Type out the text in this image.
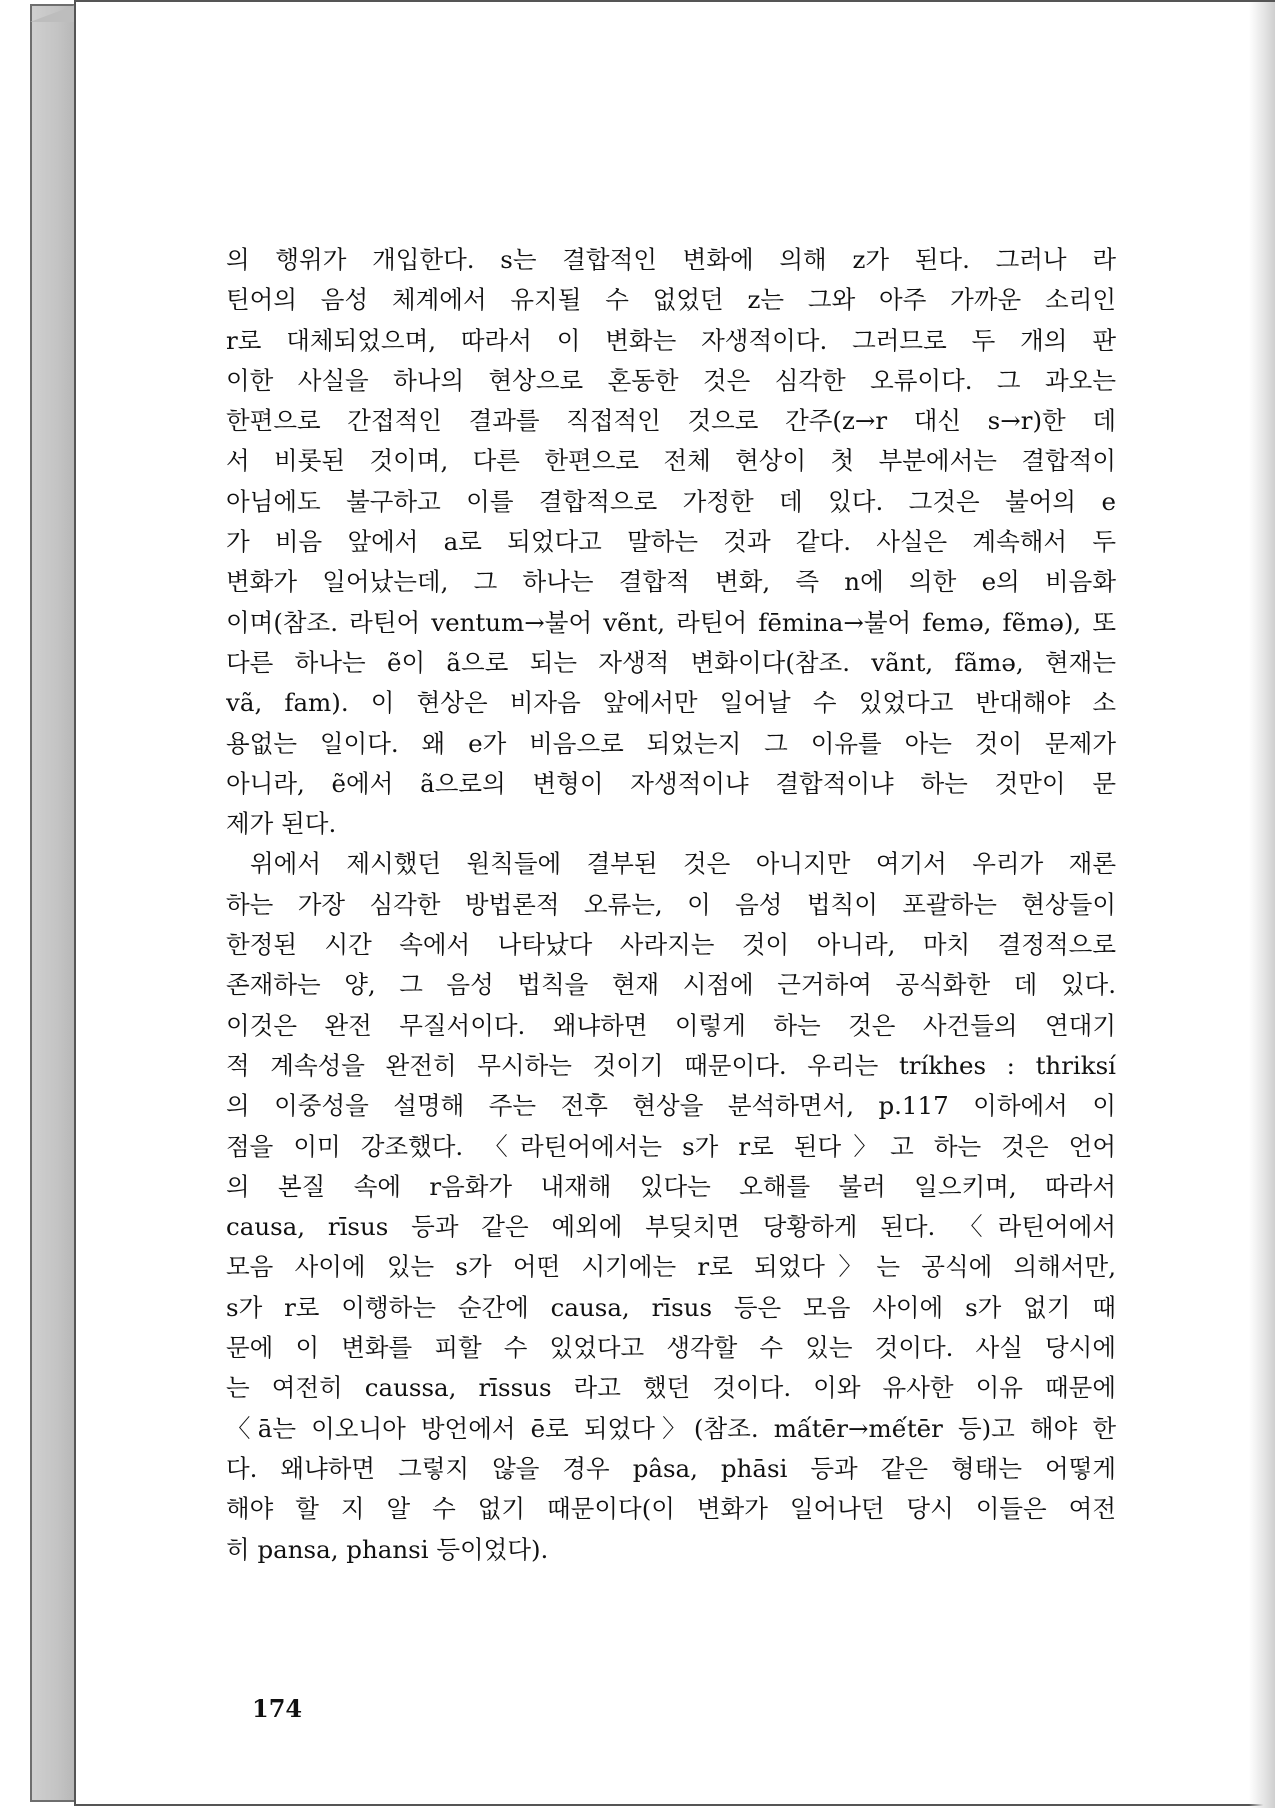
의 행위가 개입한다. s는 결합적인 변화에 의해 z가 된다. 그러나 라
틴어의 음성 체계에서 유지될 수 없었던 z는 그와 아주 가까운 소리인
r로 대체되었으며, 따라서 이 변화는 자생적이다. 그러므로 두 개의 판
이한 사실을 하나의 현상으로 혼동한 것은 심각한 오류이다. 그 과오는
한편으로 간접적인 결과를 직접적인 것으로 간주(z→r 대신 s→r)한 데
서 비롯된 것이며, 다른 한편으로 전체 현상이 첫 부분에서는 결합적이
아님에도 불구하고 이를 결합적으로 가정한 데 있다. 그것은 불어의 e
가 비음 앞에서 a로 되었다고 말하는 것과 같다. 사실은 계속해서 두
변화가 일어났는데, 그 하나는 결합적 변화, 즉 n에 의한 e의 비음화
이며(참조. 라틴어 ventum→불어 vẽnt, 라틴어 fēmina→불어 femə, fẽmə), 또
다른 하나는 ẽ이 ã으로 되는 자생적 변화이다(참조. vãnt, fãmə, 현재는
vã, fam). 이 현상은 비자음 앞에서만 일어날 수 있었다고 반대해야 소
용없는 일이다. 왜 e가 비음으로 되었는지 그 이유를 아는 것이 문제가
아니라, ẽ에서 ã으로의 변형이 자생적이냐 결합적이냐 하는 것만이 문
제가 된다.
위에서 제시했던 원칙들에 결부된 것은 아니지만 여기서 우리가 재론
하는 가장 심각한 방법론적 오류는, 이 음성 법칙이 포괄하는 현상들이
한정된 시간 속에서 나타났다 사라지는 것이 아니라, 마치 결정적으로
존재하는 양, 그 음성 법칙을 현재 시점에 근거하여 공식화한 데 있다.
이것은 완전 무질서이다. 왜냐하면 이렇게 하는 것은 사건들의 연대기
적 계속성을 완전히 무시하는 것이기 때문이다. 우리는 tríkhes : thriksí
의 이중성을 설명해 주는 전후 현상을 분석하면서, p.117 이하에서 이
점을 이미 강조했다. 〈라틴어에서는 s가 r로 된다〉고 하는 것은 언어
의 본질 속에 r음화가 내재해 있다는 오해를 불러 일으키며, 따라서
causa, rīsus 등과 같은 예외에 부딪치면 당황하게 된다. 〈라틴어에서
모음 사이에 있는 s가 어떤 시기에는 r로 되었다〉는 공식에 의해서만,
s가 r로 이행하는 순간에 causa, rīsus 등은 모음 사이에 s가 없기 때
문에 이 변화를 피할 수 있었다고 생각할 수 있는 것이다. 사실 당시에
는 여전히 caussa, rīssus 라고 했던 것이다. 이와 유사한 이유 때문에
〈ā는 이오니아 방언에서 ē로 되었다〉(참조. mấtēr→mếtēr 등)고 해야 한
다. 왜냐하면 그렇지 않을 경우 pâsa, phāsi 등과 같은 형태는 어떻게
해야 할 지 알 수 없기 때문이다(이 변화가 일어나던 당시 이들은 여전
히 pansa, phansi 등이었다).
174
